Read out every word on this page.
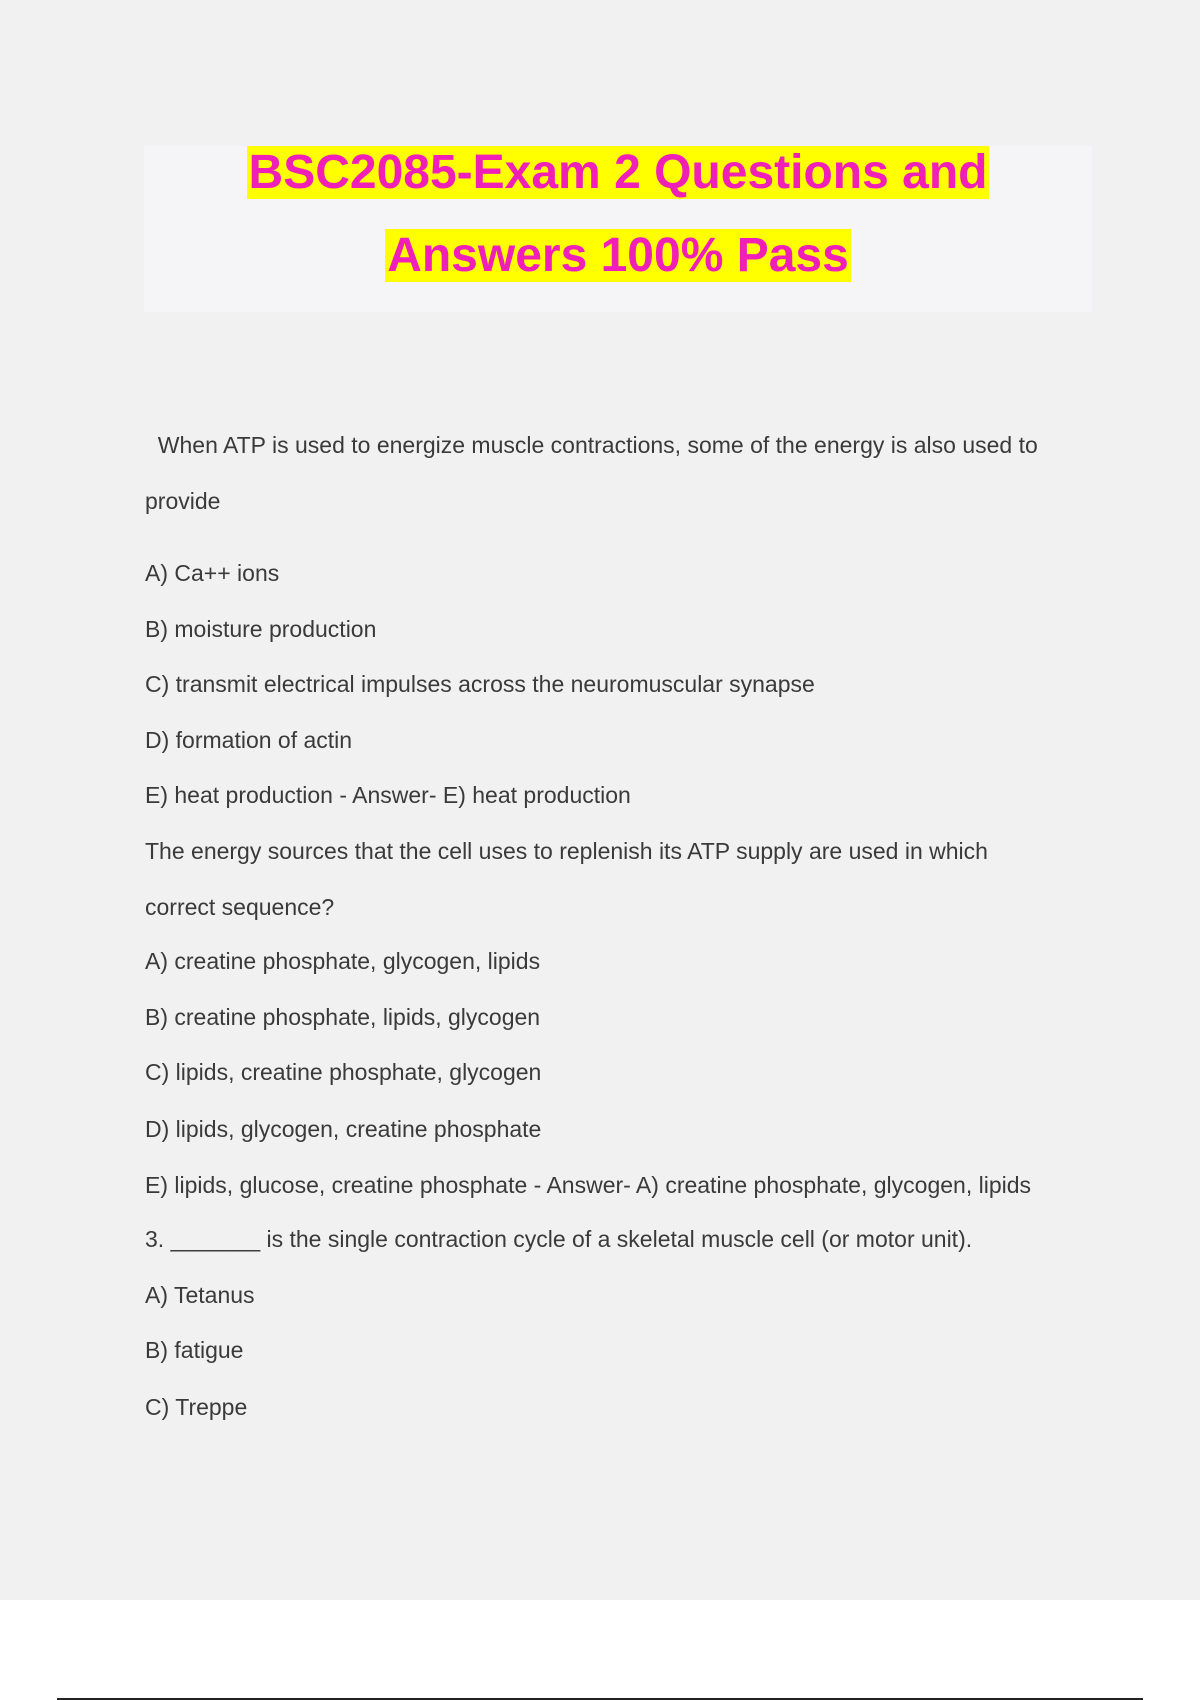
BSC2085-Exam 2 Questions and
Answers 100% Pass
When ATP is used to energize muscle contractions, some of the energy is also used to
provide
A) Ca++ ions
B) moisture production
C) transmit electrical impulses across the neuromuscular synapse
D) formation of actin
E) heat production - Answer- E) heat production
The energy sources that the cell uses to replenish its ATP supply are used in which
correct sequence?
A) creatine phosphate, glycogen, lipids
B) creatine phosphate, lipids, glycogen
C) lipids, creatine phosphate, glycogen
D) lipids, glycogen, creatine phosphate
E) lipids, glucose, creatine phosphate - Answer- A) creatine phosphate, glycogen, lipids
3. _______ is the single contraction cycle of a skeletal muscle cell (or motor unit).
A) Tetanus
B) fatigue
C) Treppe
